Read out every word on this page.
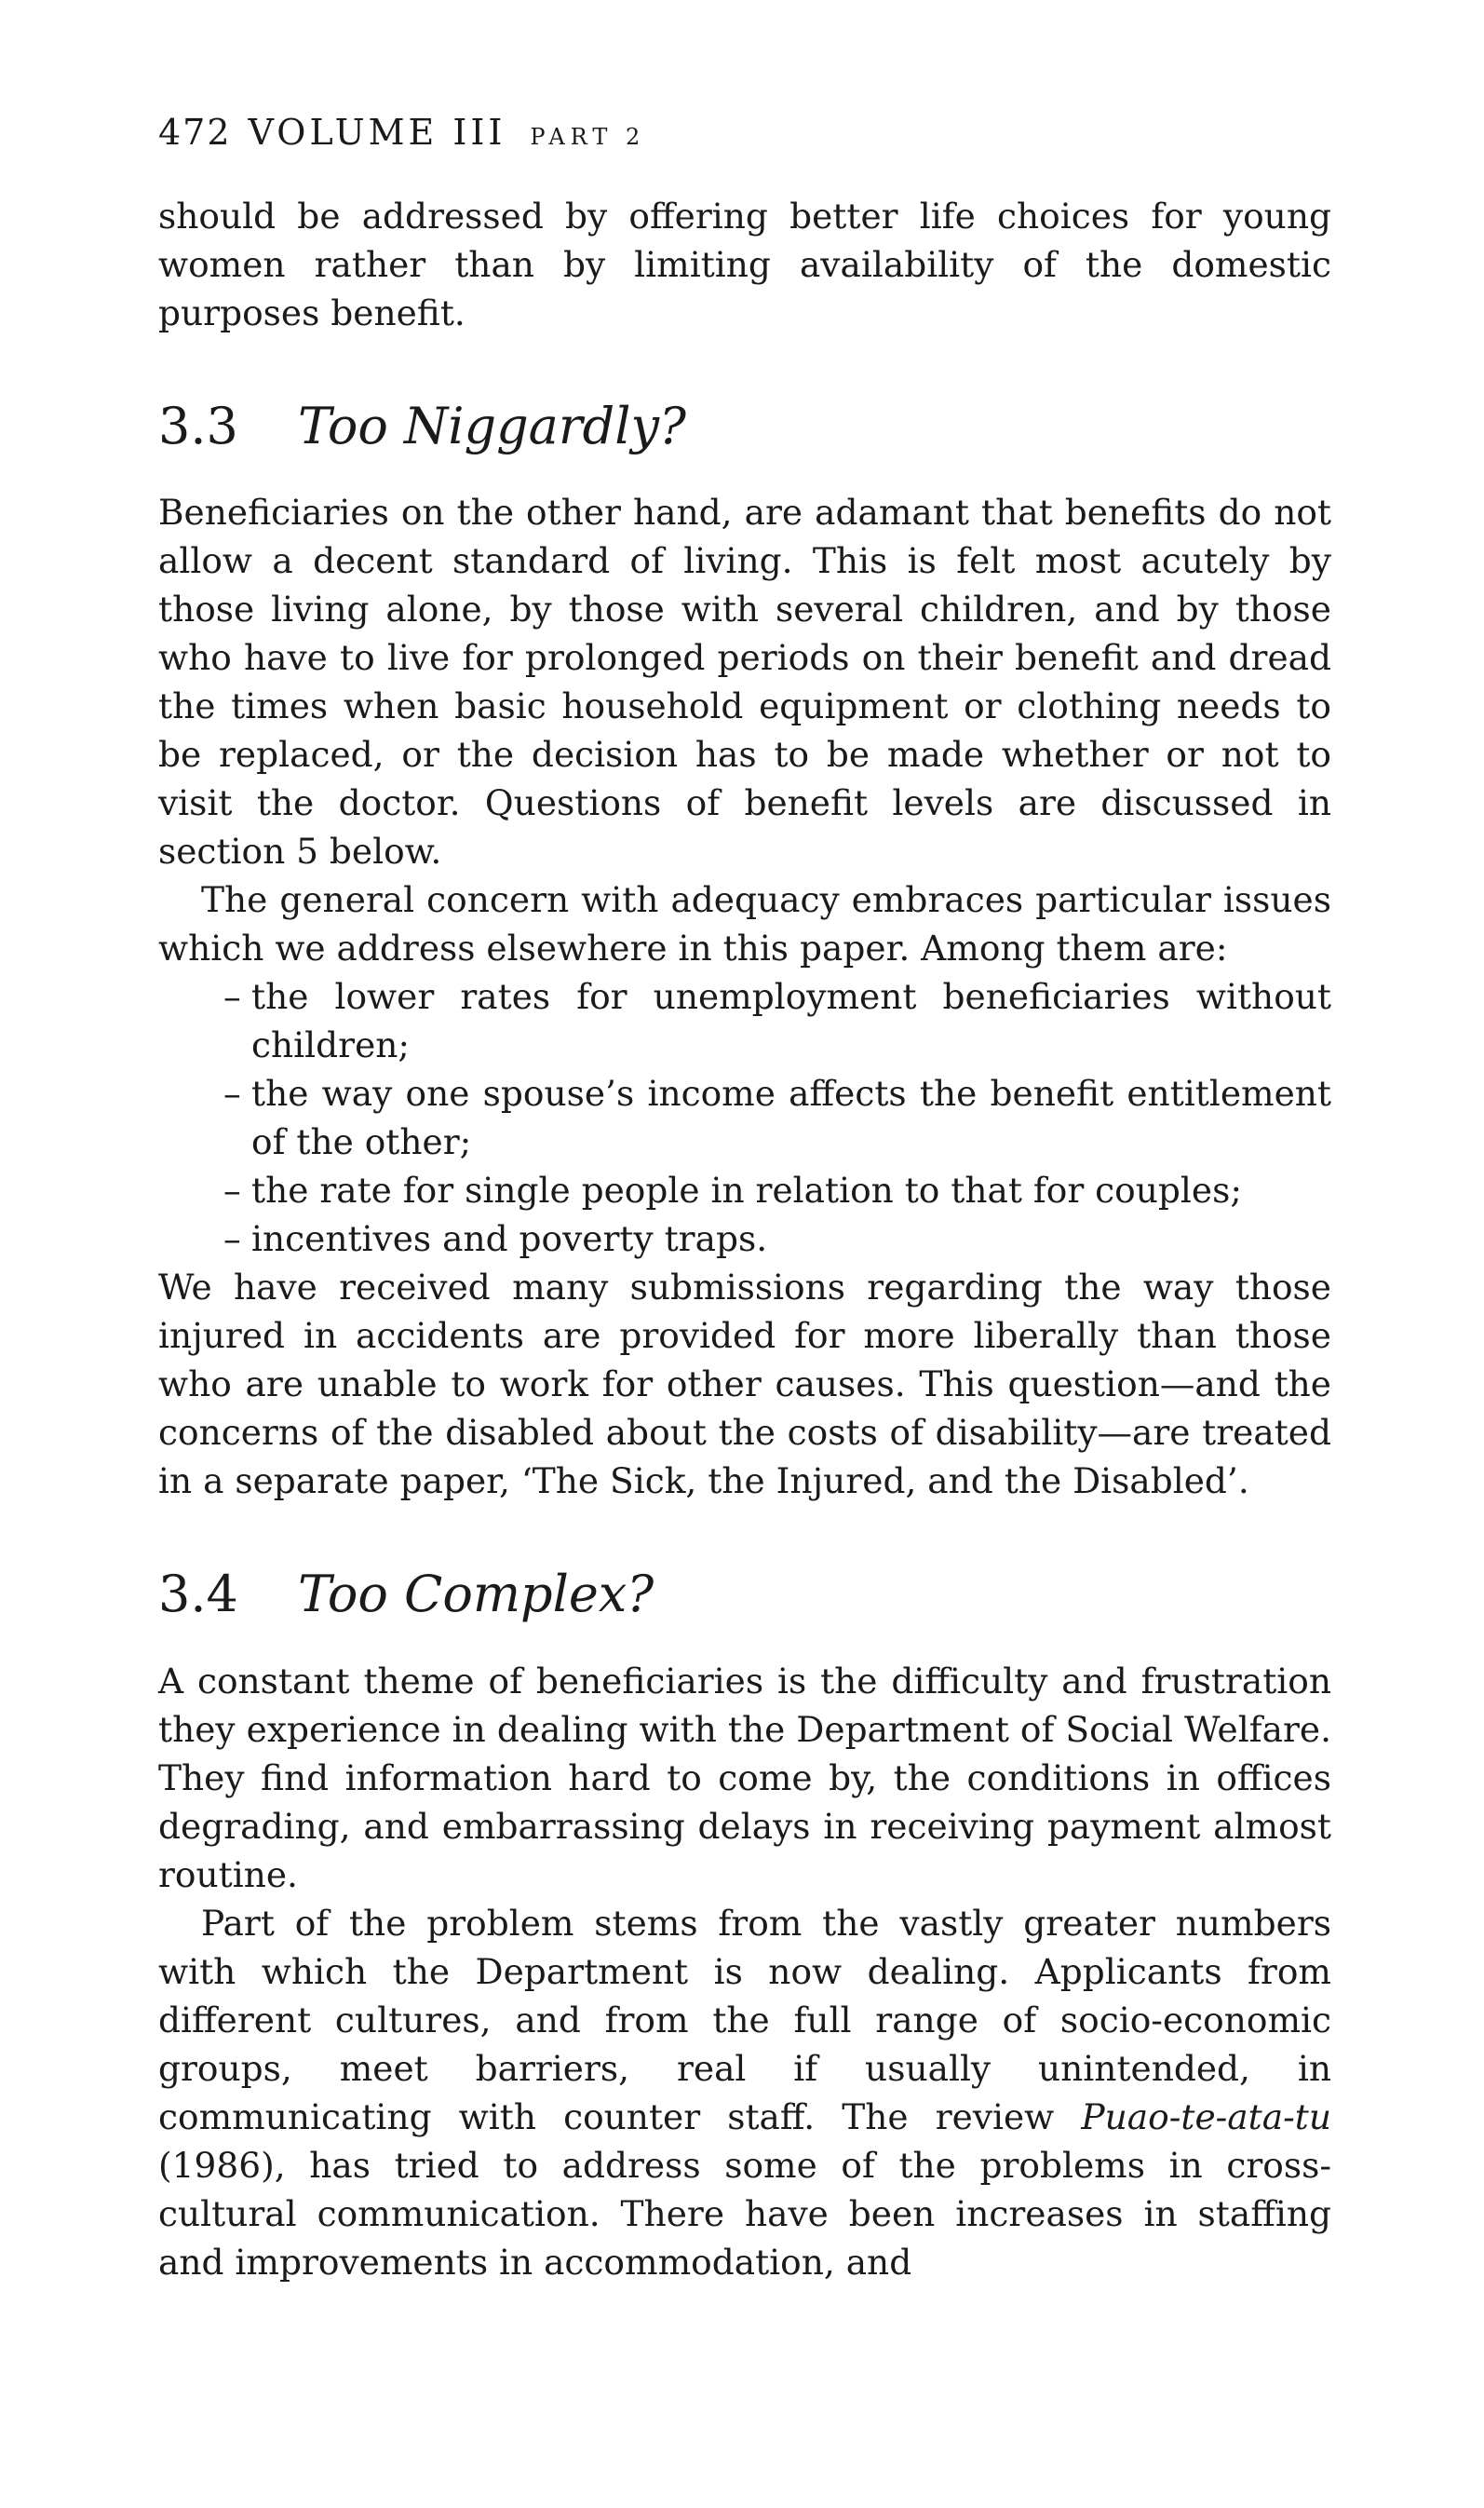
472 VOLUME III PART 2

should be addressed by offering better life choices for young women rather than by limiting availability of the domestic purposes benefit.

3.3 Too Niggardly?

Beneficiaries on the other hand, are adamant that benefits do not allow a decent standard of living. This is felt most acutely by those living alone, by those with several children, and by those who have to live for prolonged periods on their benefit and dread the times when basic household equipment or clothing needs to be replaced, or the decision has to be made whether or not to visit the doctor. Questions of benefit levels are discussed in section 5 below.

The general concern with adequacy embraces particular issues which we address elsewhere in this paper. Among them are:

– the lower rates for unemployment beneficiaries without children;
– the way one spouse’s income affects the benefit entitlement of the other;
– the rate for single people in relation to that for couples;
– incentives and poverty traps.

We have received many submissions regarding the way those injured in accidents are provided for more liberally than those who are unable to work for other causes. This question—and the concerns of the disabled about the costs of disability—are treated in a separate paper, ‘The Sick, the Injured, and the Disabled’.

3.4 Too Complex?

A constant theme of beneficiaries is the difficulty and frustration they experience in dealing with the Department of Social Welfare. They find information hard to come by, the conditions in offices degrading, and embarrassing delays in receiving payment almost routine.

Part of the problem stems from the vastly greater numbers with which the Department is now dealing. Applicants from different cultures, and from the full range of socio-economic groups, meet barriers, real if usually unintended, in communicating with counter staff. The review Puao-te-ata-tu (1986), has tried to address some of the problems in cross-cultural communication. There have been increases in staffing and improvements in accommodation, and
